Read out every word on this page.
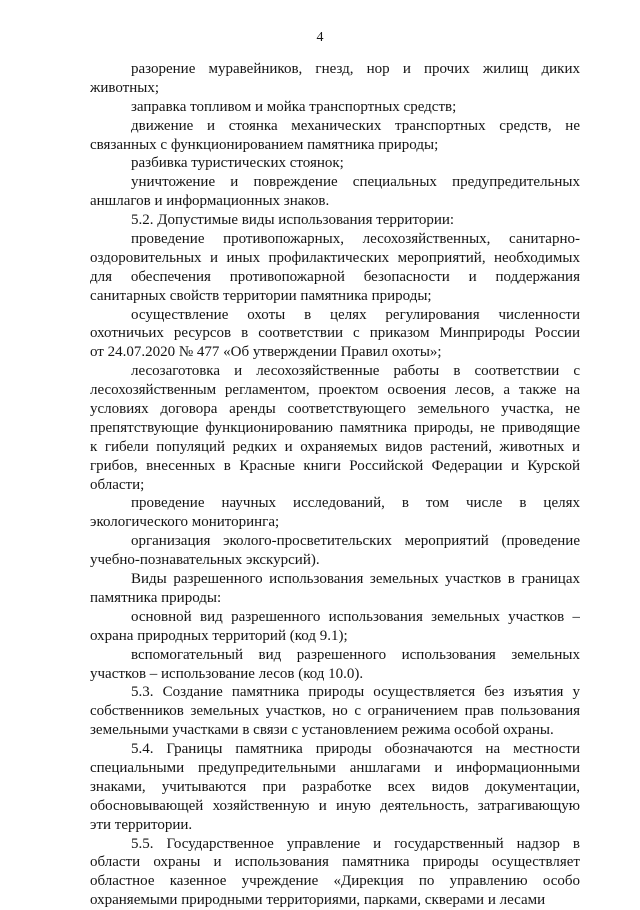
4
разорение муравейников, гнезд, нор и прочих жилищ диких
животных;
заправка топливом и мойка транспортных средств;
движение и стоянка механических транспортных средств, не
связанных с функционированием памятника природы;
разбивка туристических стоянок;
уничтожение и повреждение специальных предупредительных
аншлагов и информационных знаков.
5.2. Допустимые виды использования территории:
проведение противопожарных, лесохозяйственных, санитарно-
оздоровительных и иных профилактических мероприятий, необходимых
для обеспечения противопожарной безопасности и поддержания
санитарных свойств территории памятника природы;
осуществление охоты в целях регулирования численности
охотничьих ресурсов в соответствии с приказом Минприроды России
от 24.07.2020 № 477 «Об утверждении Правил охоты»;
лесозаготовка и лесохозяйственные работы в соответствии с
лесохозяйственным регламентом, проектом освоения лесов, а также на
условиях договора аренды соответствующего земельного участка, не
препятствующие функционированию памятника природы, не приводящие
к гибели популяций редких и охраняемых видов растений, животных и
грибов, внесенных в Красные книги Российской Федерации и Курской
области;
проведение научных исследований, в том числе в целях
экологического мониторинга;
организация эколого-просветительских мероприятий (проведение
учебно-познавательных экскурсий).
Виды разрешенного использования земельных участков в границах
памятника природы:
основной вид разрешенного использования земельных участков –
охрана природных территорий (код 9.1);
вспомогательный вид разрешенного использования земельных
участков – использование лесов (код 10.0).
5.3. Создание памятника природы осуществляется без изъятия у
собственников земельных участков, но с ограничением прав пользования
земельными участками в связи с установлением режима особой охраны.
5.4. Границы памятника природы обозначаются на местности
специальными предупредительными аншлагами и информационными
знаками, учитываются при разработке всех видов документации,
обосновывающей хозяйственную и иную деятельность, затрагивающую
эти территории.
5.5. Государственное управление и государственный надзор в
области охраны и использования памятника природы осуществляет
областное казенное учреждение «Дирекция по управлению особо
охраняемыми природными территориями, парками, скверами и лесами
